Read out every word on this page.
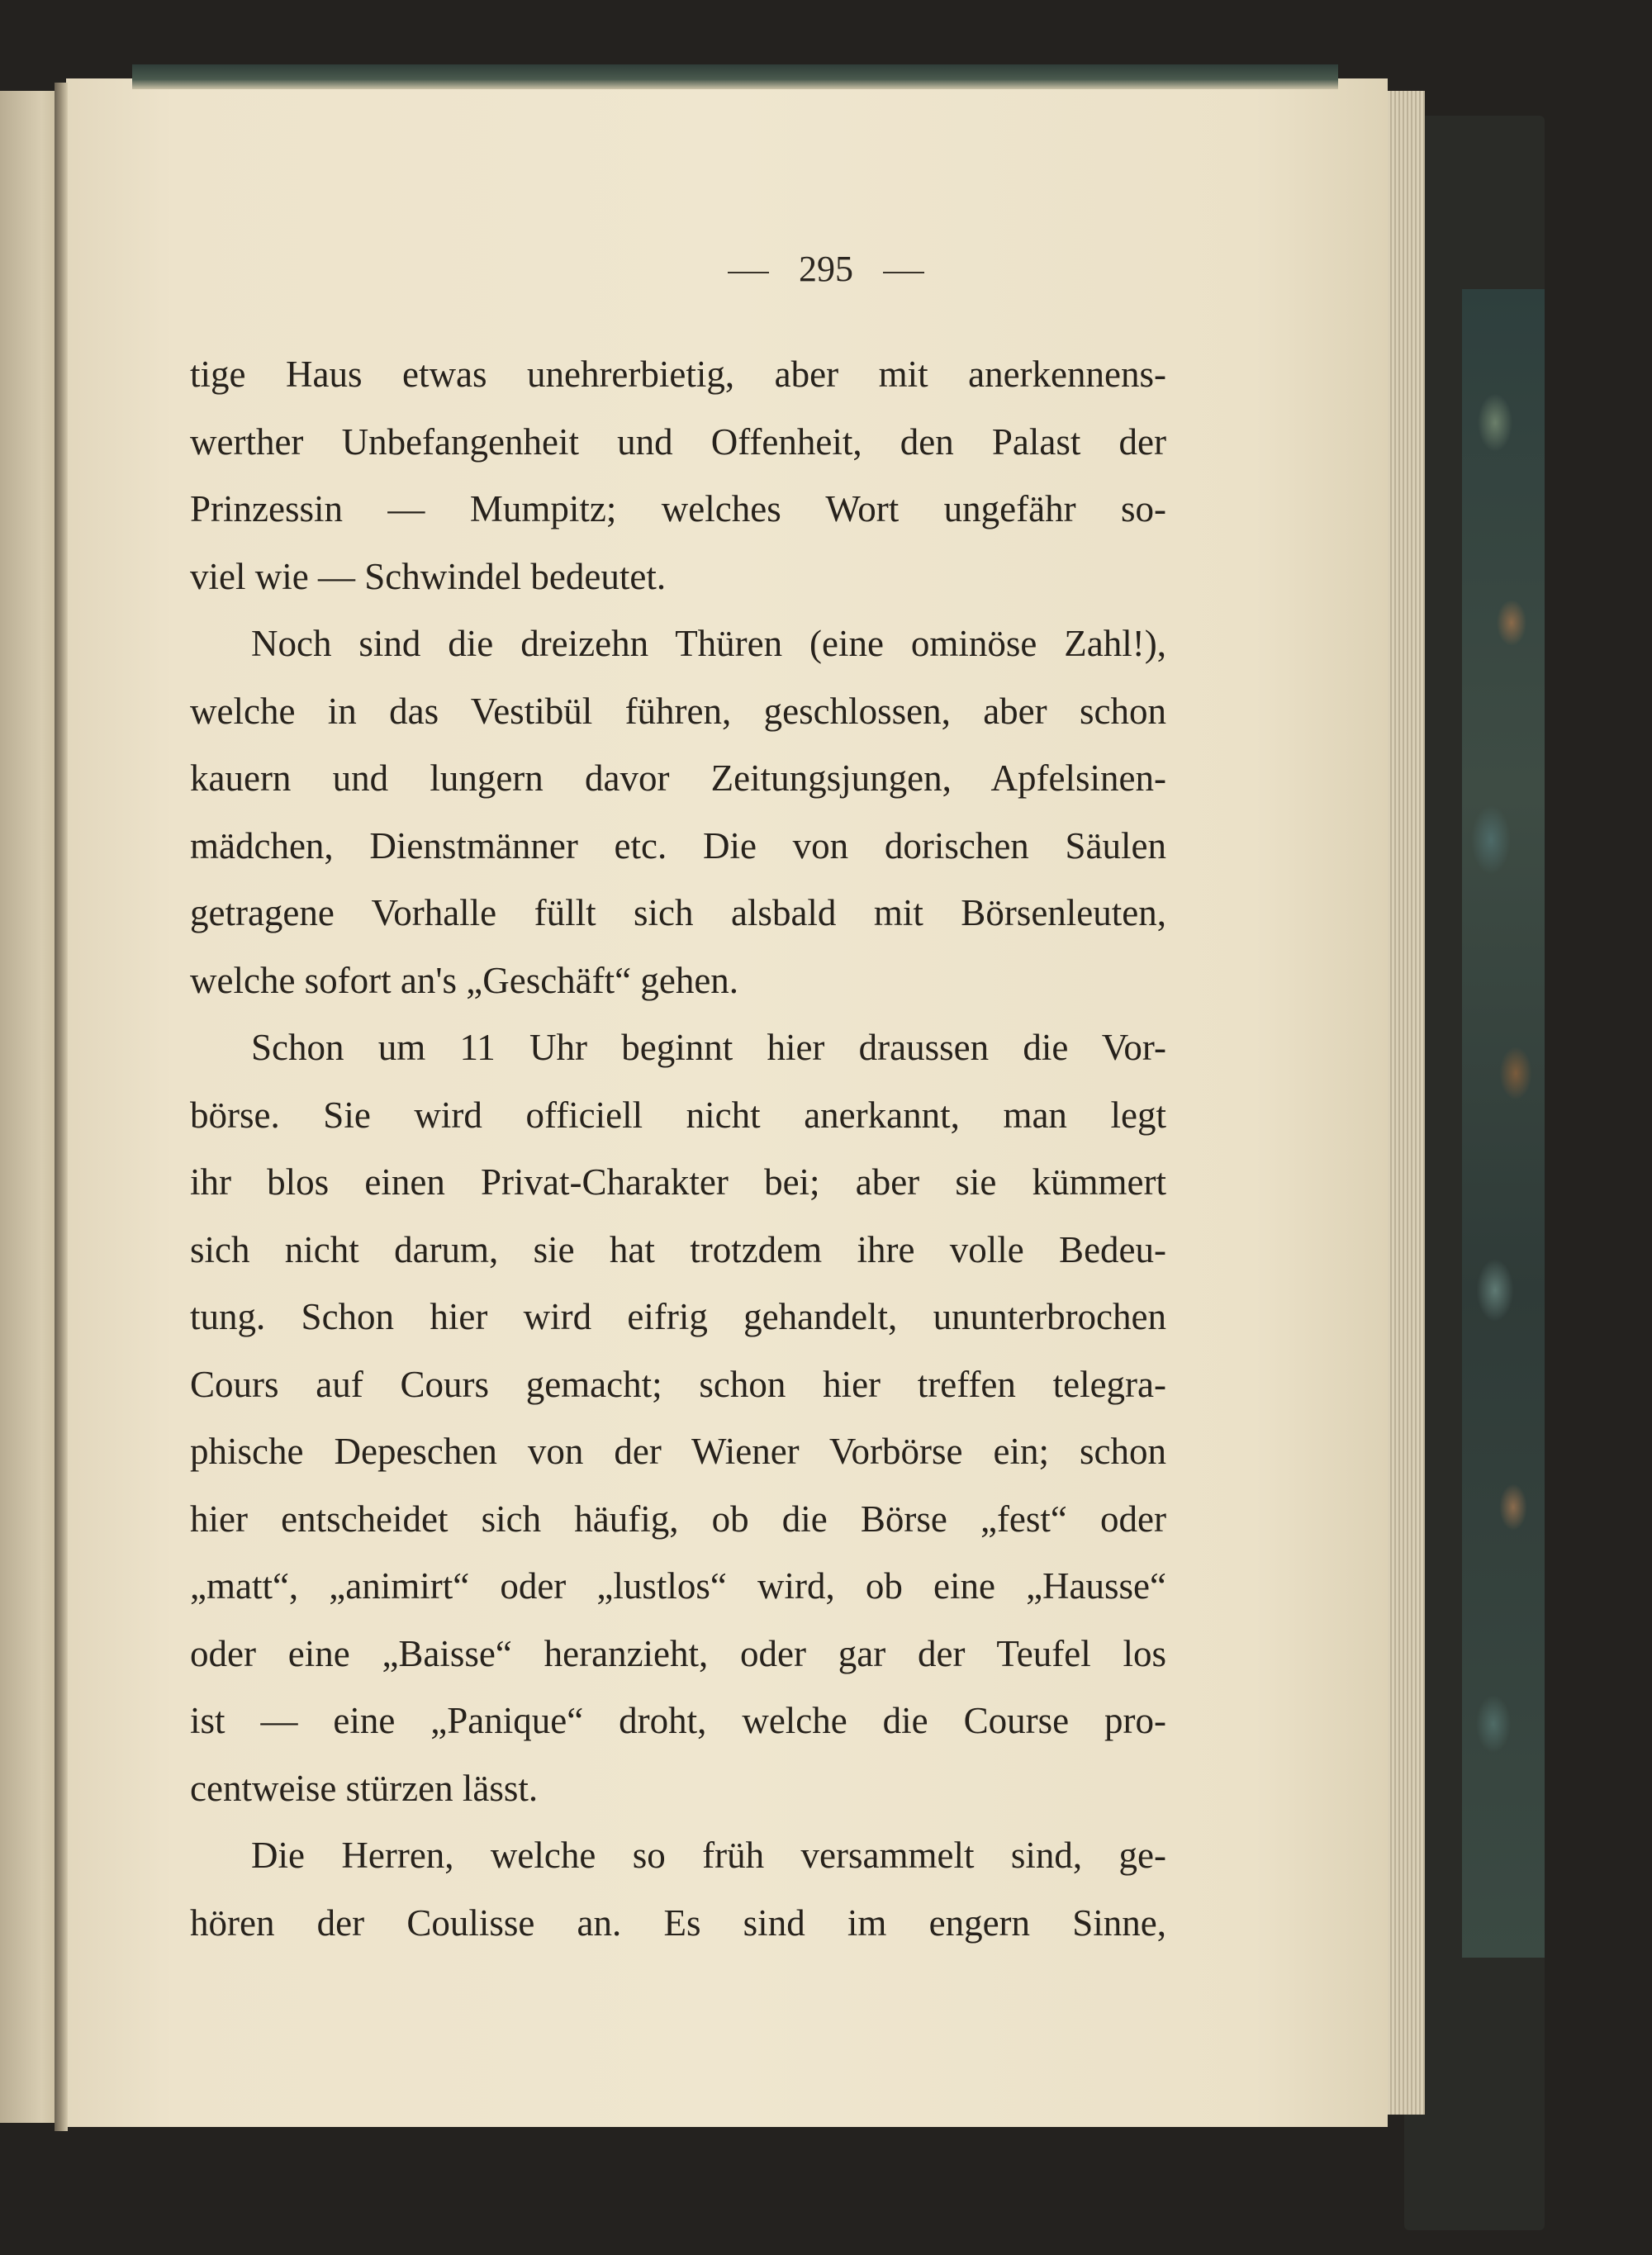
295
tige Haus etwas unehrerbietig, aber mit anerkennens-
werther Unbefangenheit und Offenheit, den Palast der
Prinzessin — Mumpitz; welches Wort ungefähr so-
viel wie — Schwindel bedeutet.
Noch sind die dreizehn Thüren (eine ominöse Zahl!),
welche in das Vestibül führen, geschlossen, aber schon
kauern und lungern davor Zeitungsjungen, Apfelsinen-
mädchen, Dienstmänner etc. Die von dorischen Säulen
getragene Vorhalle füllt sich alsbald mit Börsenleuten,
welche sofort an's „Geschäft“ gehen.
Schon um 11 Uhr beginnt hier draussen die Vor-
börse. Sie wird officiell nicht anerkannt, man legt
ihr blos einen Privat-Charakter bei; aber sie kümmert
sich nicht darum, sie hat trotzdem ihre volle Bedeu-
tung. Schon hier wird eifrig gehandelt, ununterbrochen
Cours auf Cours gemacht; schon hier treffen telegra-
phische Depeschen von der Wiener Vorbörse ein; schon
hier entscheidet sich häufig, ob die Börse „fest“ oder
„matt“, „animirt“ oder „lustlos“ wird, ob eine „Hausse“
oder eine „Baisse“ heranzieht, oder gar der Teufel los
ist — eine „Panique“ droht, welche die Course pro-
centweise stürzen lässt.
Die Herren, welche so früh versammelt sind, ge-
hören der Coulisse an. Es sind im engern Sinne,
